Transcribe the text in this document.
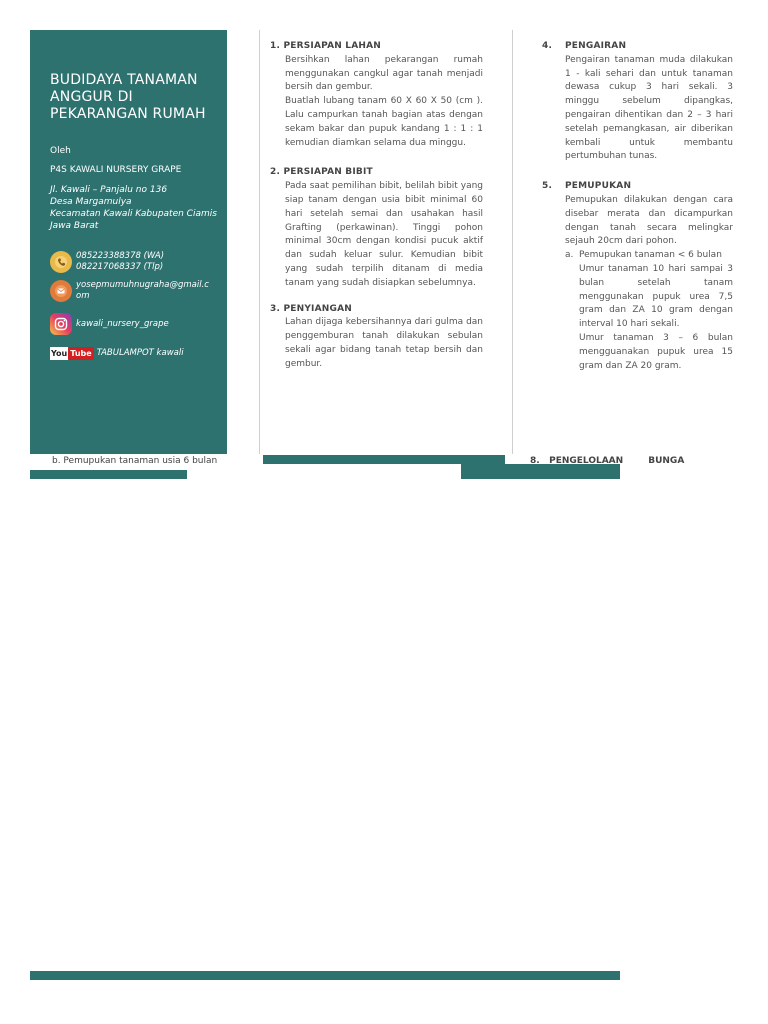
BUDIDAYA TANAMAN ANGGUR DI PEKARANGAN RUMAH
Oleh
P4S KAWALI NURSERY GRAPE
Jl. Kawali – Panjalu no 136
Desa Margamulya
Kecamatan Kawali Kabupaten Ciamis
Jawa Barat
085223388378 (WA)
082217068337 (Tlp)
yosepmumuhnugraha@gmail.com
kawali_nursery_grape
You Tube TABULAMPOT kawali
1. PERSIAPAN LAHAN

Bersihkan lahan pekarangan rumah menggunakan cangkul agar tanah menjadi bersih dan gembur.

Buatlah lubang tanam 60 X 60 X 50 (cm ). Lalu campurkan tanah bagian atas dengan sekam bakar dan pupuk kandang 1 : 1 : 1 kemudian diamkan selama dua minggu.

2. PERSIAPAN BIBIT

Pada saat pemilihan bibit, belilah bibit yang siap tanam dengan usia bibit minimal 60 hari setelah semai dan usahakan hasil Grafting (perkawinan). Tinggi pohon minimal 30cm dengan kondisi pucuk aktif dan sudah keluar sulur. Kemudian bibit yang sudah terpilih ditanam di media tanam yang sudah disiapkan sebelumnya.

3. PENYIANGAN

Lahan dijaga kebersihannya dari gulma dan penggemburan tanah dilakukan sebulan sekali agar bidang tanah tetap bersih dan gembur.

4. PENGAIRAN
Pengairan tanaman muda dilakukan 1 - kali sehari dan untuk tanaman dewasa cukup 3 hari sekali. 3 minggu sebelum dipangkas, pengairan dihentikan dan 2 – 3 hari setelah pemangkasan, air diberikan kembali untuk membantu pertumbuhan tunas.
5. PEMUPUKAN

Pemupukan dilakukan dengan cara disebar merata dan dicampurkan dengan tanah secara melingkar sejauh 20cm dari pohon.

a. Pemupukan tanaman < 6 bulan

Umur tanaman 10 hari sampai 3 bulan setelah tanam menggunakan pupuk urea 7,5 gram dan ZA 10 gram dengan interval 10 hari sekali.

Umur tanaman 3 – 6 bulan mengguanakan pupuk urea 15 gram dan ZA 20 gram.

b. Pemupukan tanaman usia 6 bulan	8. PENGELOLAAN        BUNGA
